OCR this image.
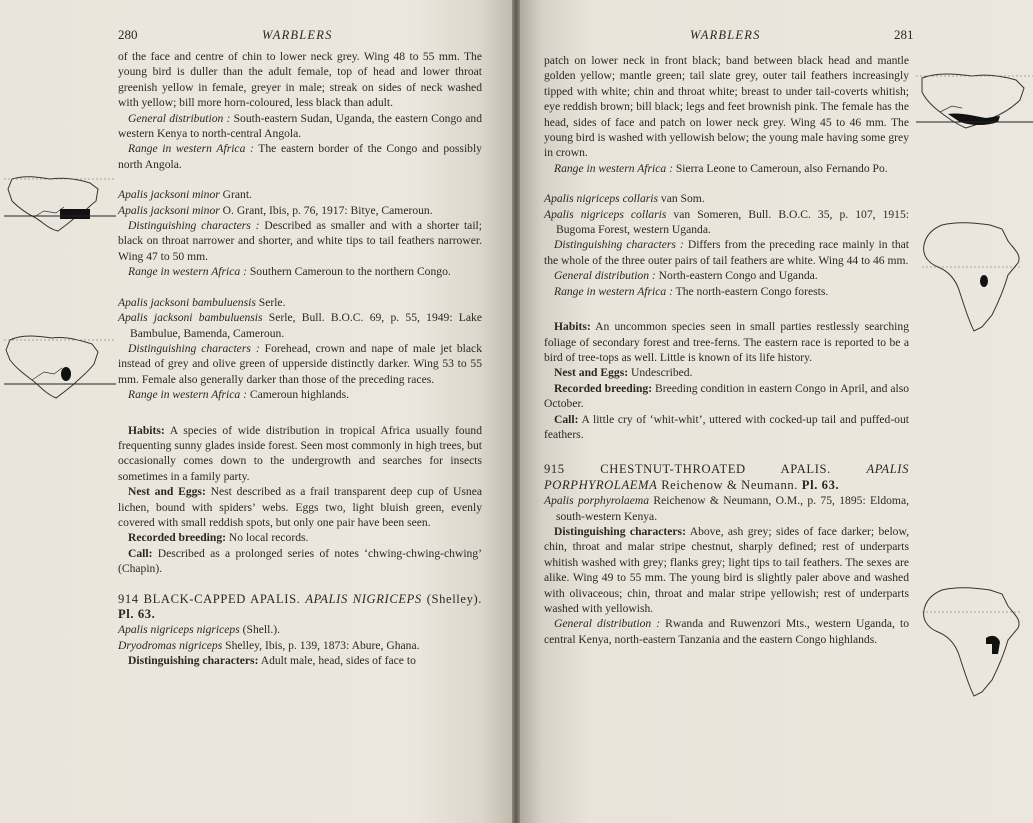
280	WARBLERS

of the face and centre of chin to lower neck grey. Wing 48 to 55 mm. The young bird is duller than the adult female, top of head and lower throat greenish yellow in female, greyer in male; streak on sides of neck washed with yellow; bill more horn-coloured, less black than adult.

General distribution : South-eastern Sudan, Uganda, the eastern Congo and western Kenya to north-central Angola.

Range in western Africa : The eastern border of the Congo and possibly north Angola.

Apalis jacksoni minor Grant.

Apalis jacksoni minor O. Grant, Ibis, p. 76, 1917: Bitye, Cameroun.

Distinguishing characters : Described as smaller and with a shorter tail; black on throat narrower and shorter, and white tips to tail feathers narrower. Wing 47 to 50 mm.

Range in western Africa : Southern Cameroun to the northern Congo.

Apalis jacksoni bambuluensis Serle.

Apalis jacksoni bambuluensis Serle, Bull. B.O.C. 69, p. 55, 1949: Lake Bambulue, Bamenda, Cameroun.

Distinguishing characters : Forehead, crown and nape of male jet black instead of grey and olive green of upperside distinctly darker. Wing 53 to 55 mm. Female also generally darker than those of the preceding races.

Range in western Africa : Cameroun highlands.

Habits: A species of wide distribution in tropical Africa usually found frequenting sunny glades inside forest. Seen most commonly in high trees, but occasionally comes down to the undergrowth and searches for insects sometimes in a family party.

Nest and Eggs: Nest described as a frail transparent deep cup of Usnea lichen, bound with spiders’ webs. Eggs two, light bluish green, evenly covered with small reddish spots, but only one pair have been seen.

Recorded breeding: No local records.

Call: Described as a prolonged series of notes ‘chwing-chwing-chwing’ (Chapin).

914 BLACK-CAPPED APALIS. APALIS NIGRICEPS (Shelley). Pl. 63.

Apalis nigriceps nigriceps (Shell.).

Dryodromas nigriceps Shelley, Ibis, p. 139, 1873: Abure, Ghana.

Distinguishing characters: Adult male, head, sides of face to

WARBLERS	281

patch on lower neck in front black; band between black head and mantle golden yellow; mantle green; tail slate grey, outer tail feathers increasingly tipped with white; chin and throat white; breast to under tail-coverts whitish; eye reddish brown; bill black; legs and feet brownish pink. The female has the head, sides of face and patch on lower neck grey. Wing 45 to 46 mm. The young bird is washed with yellowish below; the young male having some grey in crown.

Range in western Africa : Sierra Leone to Cameroun, also Fernando Po.

Apalis nigriceps collaris van Som.

Apalis nigriceps collaris van Someren, Bull. B.O.C. 35, p. 107, 1915: Bugoma Forest, western Uganda.

Distinguishing characters : Differs from the preceding race mainly in that the whole of the three outer pairs of tail feathers are white. Wing 44 to 46 mm.

General distribution : North-eastern Congo and Uganda.

Range in western Africa : The north-eastern Congo forests.

Habits: An uncommon species seen in small parties restlessly searching foliage of secondary forest and tree-ferns. The eastern race is reported to be a bird of tree-tops as well. Little is known of its life history.

Nest and Eggs: Undescribed.

Recorded breeding: Breeding condition in eastern Congo in April, and also October.

Call: A little cry of ‘whit-whit’, uttered with cocked-up tail and puffed-out feathers.

915	CHESTNUT-THROATED APALIS.	APALIS PORPHYROLAEMA Reichenow & Neumann. Pl. 63.

Apalis porphyrolaema Reichenow & Neumann, O.M., p. 75, 1895: Eldoma, south-western Kenya.

Distinguishing characters: Above, ash grey; sides of face darker; below, chin, throat and malar stripe chestnut, sharply defined; rest of underparts whitish washed with grey; flanks grey; light tips to tail feathers. The sexes are alike. Wing 49 to 55 mm. The young bird is slightly paler above and washed with olivaceous; chin, throat and malar stripe yellowish; rest of underparts washed with yellowish.

General distribution : Rwanda and Ruwenzori Mts., western Uganda, to central Kenya, north-eastern Tanzania and the eastern Congo highlands.
